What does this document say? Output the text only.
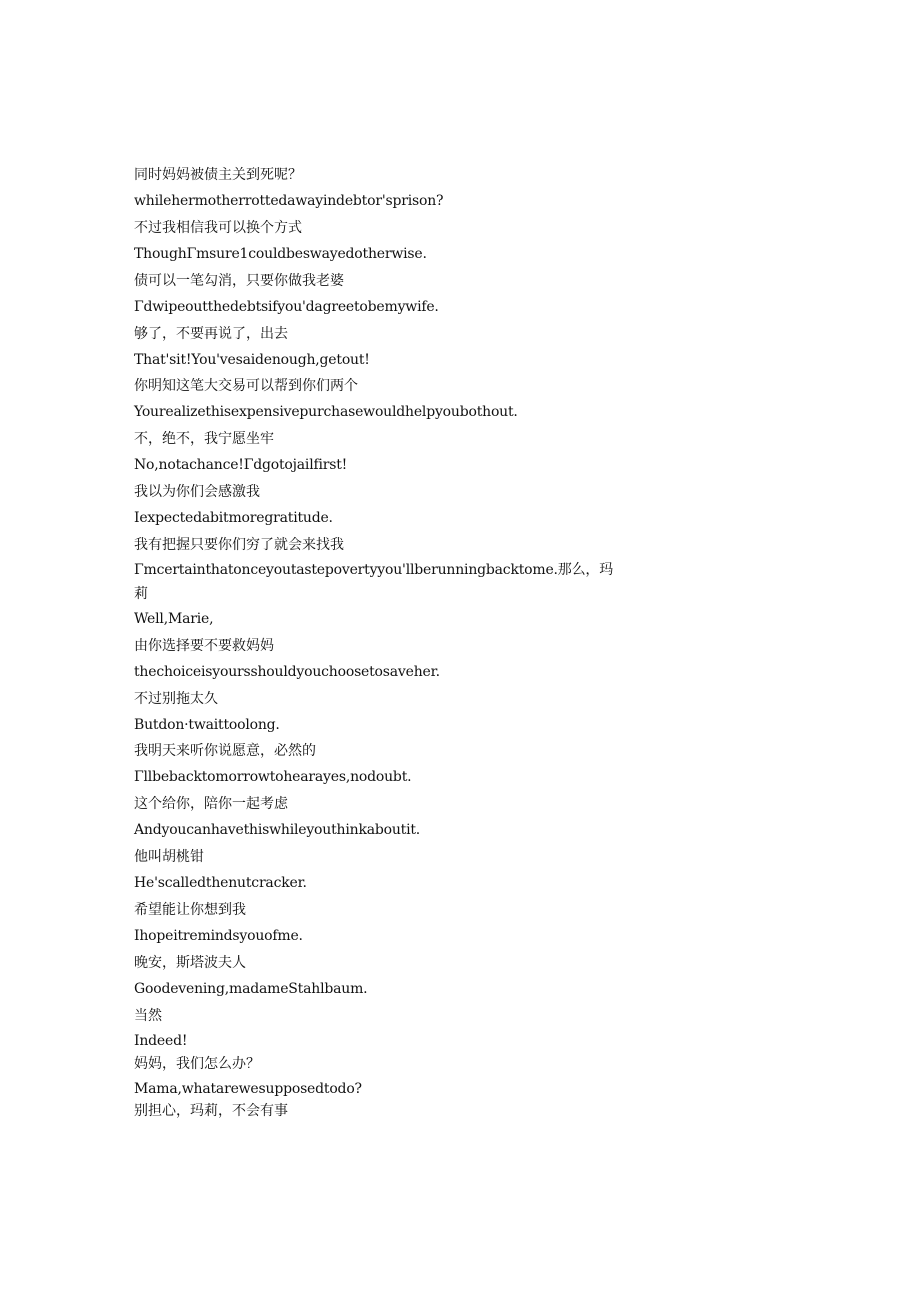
同时妈妈被债主关到死呢？
whilehermotherrottedawayindebtor'sprison?
不过我相信我可以换个方式
ThoughΓmsure1couldbeswayedotherwise.
债可以一笔勾消，只要你做我老婆
Γdwipeoutthedebtsifyou'dagreetobemywife.
够了，不要再说了，出去
That'sit!You'vesaidenough,getout!
你明知这笔大交易可以帮到你们两个
Yourealizethisexpensivepurchasewouldhelpyoubothout.
不，绝不，我宁愿坐牢
No,notachance!Γdgotojailfirst!
我以为你们会感激我
Iexpectedabitmoregratitude.
我有把握只要你们穷了就会来找我
Γmcertainthatonceyoutastepovertyyou'llberunningbacktome.那么，玛
莉
Well,Marie,
由你选择要不要救妈妈
thechoiceisyoursshouldyouchoosetosaveher.
不过别拖太久
Butdon·twaittoolong.
我明天来听你说愿意，必然的
Γllbebacktomorrowtohearayes,nodoubt.
这个给你，陪你一起考虑
Andyoucanhavethiswhileyouthinkaboutit.
他叫胡桃钳
He'scalledthenutcracker.
希望能让你想到我
Ihopeitremindsyouofme.
晚安，斯塔波夫人
Goodevening,madameStahlbaum.
当然
Indeed!
妈妈，我们怎么办？
Mama,whatarewesupposedtodo?
别担心，玛莉，不会有事
